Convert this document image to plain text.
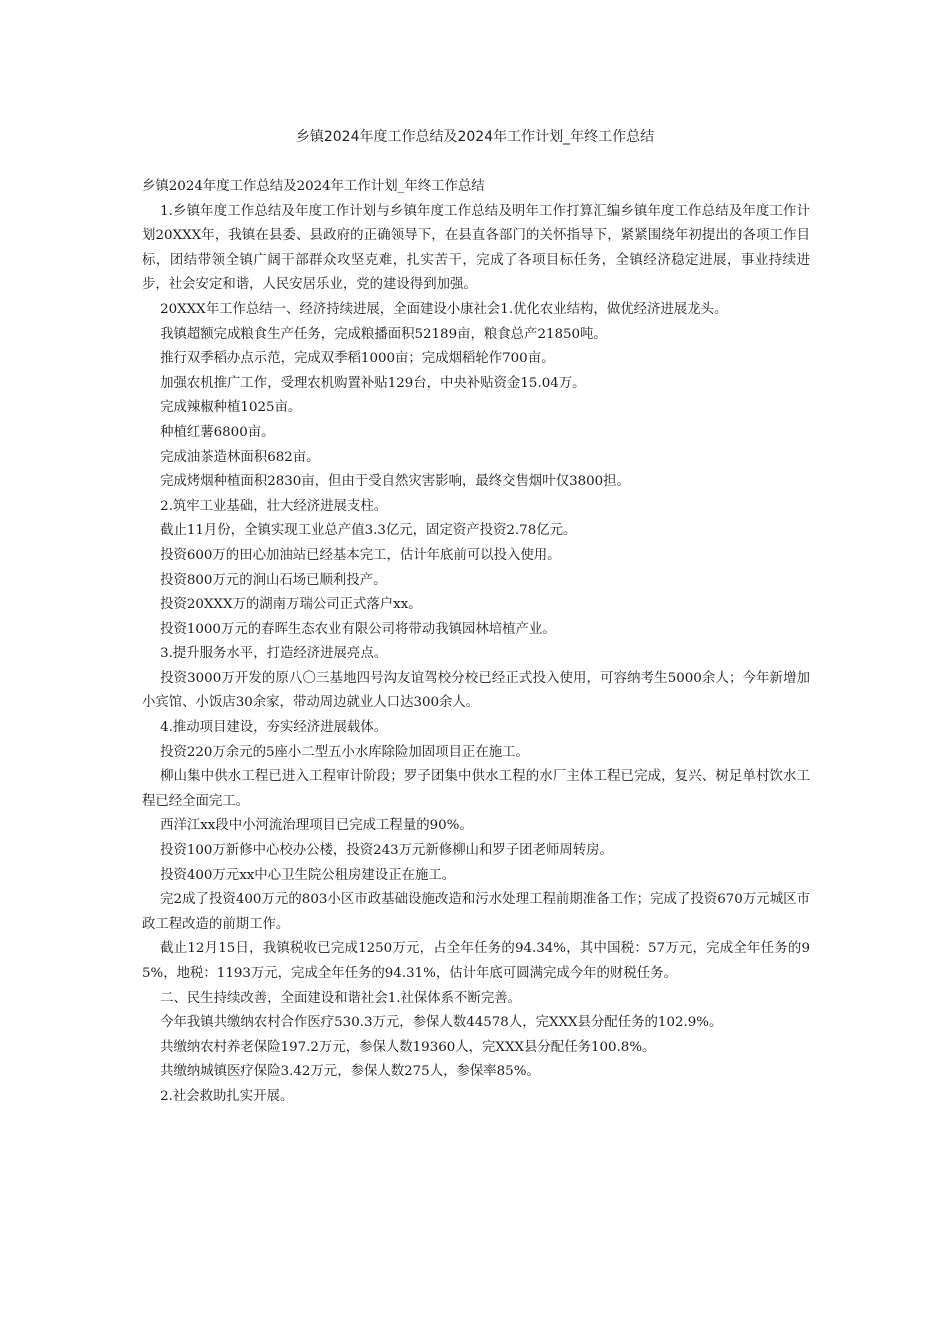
乡镇2024年度工作总结及2024年工作计划_年终工作总结

乡镇2024年度工作总结及2024年工作计划_年终工作总结

1.乡镇年度工作总结及年度工作计划与乡镇年度工作总结及明年工作打算汇编乡镇年度工作总结及年度工作计划20XXX年，我镇在县委、县政府的正确领导下，在县直各部门的关怀指导下，紧紧围绕年初提出的各项工作目标，团结带领全镇广阔干部群众攻坚克难，扎实苦干，完成了各项目标任务，全镇经济稳定进展，事业持续进步，社会安定和谐，人民安居乐业，党的建设得到加强。

20XXX年工作总结一、经济持续进展，全面建设小康社会1.优化农业结构，做优经济进展龙头。

我镇超额完成粮食生产任务，完成粮播面积52189亩，粮食总产21850吨。

推行双季稻办点示范，完成双季稻1000亩；完成烟稻轮作700亩。

加强农机推广工作，受理农机购置补贴129台，中央补贴资金15.04万。

完成辣椒种植1025亩。

种植红薯6800亩。

完成油茶造林面积682亩。

完成烤烟种植面积2830亩，但由于受自然灾害影响，最终交售烟叶仅3800担。

2.筑牢工业基础，壮大经济进展支柱。

截止11月份，全镇实现工业总产值3.3亿元，固定资产投资2.78亿元。

投资600万的田心加油站已经基本完工，估计年底前可以投入使用。

投资800万元的涧山石场已顺利投产。

投资20XXX万的湖南万瑞公司正式落户xx。

投资1000万元的春晖生态农业有限公司将带动我镇园林培植产业。

3.提升服务水平，打造经济进展亮点。

投资3000万开发的原八〇三基地四号沟友谊驾校分校已经正式投入使用，可容纳考生5000余人；今年新增加小宾馆、小饭店30余家，带动周边就业人口达300余人。

4.推动项目建设，夯实经济进展载体。

投资220万余元的5座小二型五小水库除险加固项目正在施工。

柳山集中供水工程已进入工程审计阶段；罗子团集中供水工程的水厂主体工程已完成，复兴、树足单村饮水工程已经全面完工。

西洋江xx段中小河流治理项目已完成工程量的90%。

投资100万新修中心校办公楼，投资243万元新修柳山和罗子团老师周转房。

投资400万元xx中心卫生院公租房建设正在施工。

完2成了投资400万元的803小区市政基础设施改造和污水处理工程前期准备工作；完成了投资670万元城区市政工程改造的前期工作。

截止12月15日，我镇税收已完成1250万元，占全年任务的94.34%，其中国税：57万元，完成全年任务的95%，地税：1193万元，完成全年任务的94.31%，估计年底可圆满完成今年的财税任务。

二、民生持续改善，全面建设和谐社会1.社保体系不断完善。

今年我镇共缴纳农村合作医疗530.3万元，参保人数44578人，完XXX县分配任务的102.9%。

共缴纳农村养老保险197.2万元，参保人数19360人，完XXX县分配任务100.8%。

共缴纳城镇医疗保险3.42万元，参保人数275人，参保率85%。

2.社会救助扎实开展。
